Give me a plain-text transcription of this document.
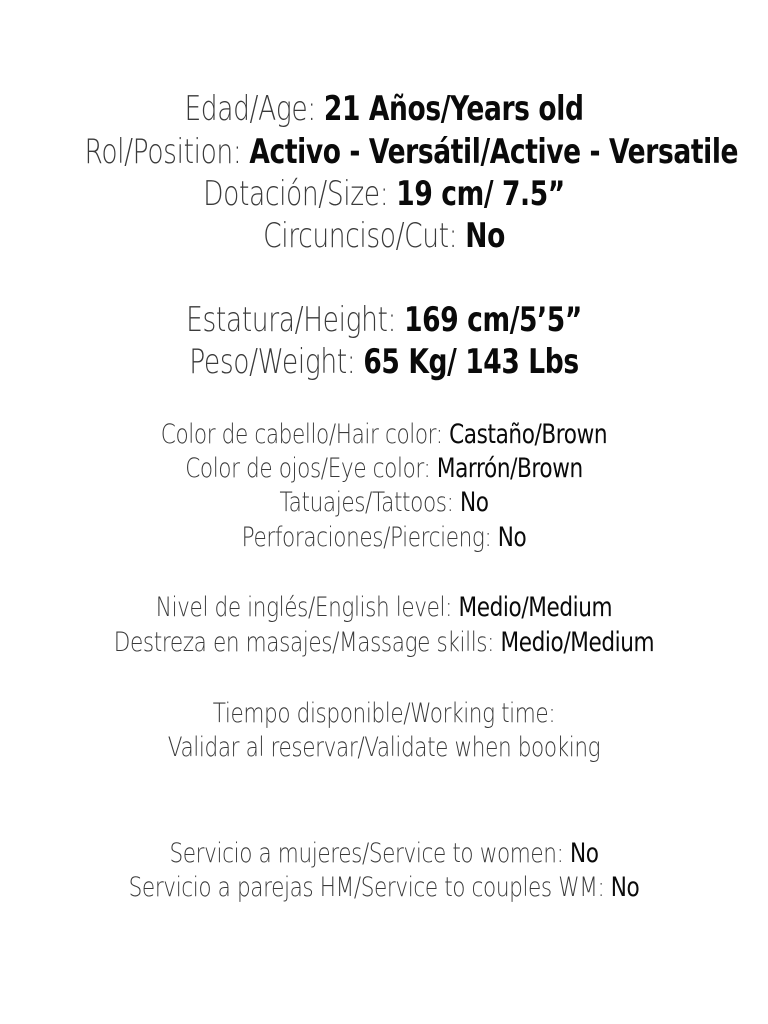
Edad/Age: 21 Años/Years old
Rol/Position: Activo - Versátil/Active - Versatile
Dotación/Size: 19 cm/ 7.5”
Circunciso/Cut: No
Estatura/Height: 169 cm/5’5”
Peso/Weight: 65 Kg/ 143 Lbs
Color de cabello/Hair color: Castaño/Brown
Color de ojos/Eye color: Marrón/Brown
Tatuajes/Tattoos: No
Perforaciones/Piercieng: No
Nivel de inglés/English level: Medio/Medium
Destreza en masajes/Massage skills: Medio/Medium
Tiempo disponible/Working time:
Validar al reservar/Validate when booking
Servicio a mujeres/Service to women: No
Servicio a parejas HM/Service to couples WM: No
